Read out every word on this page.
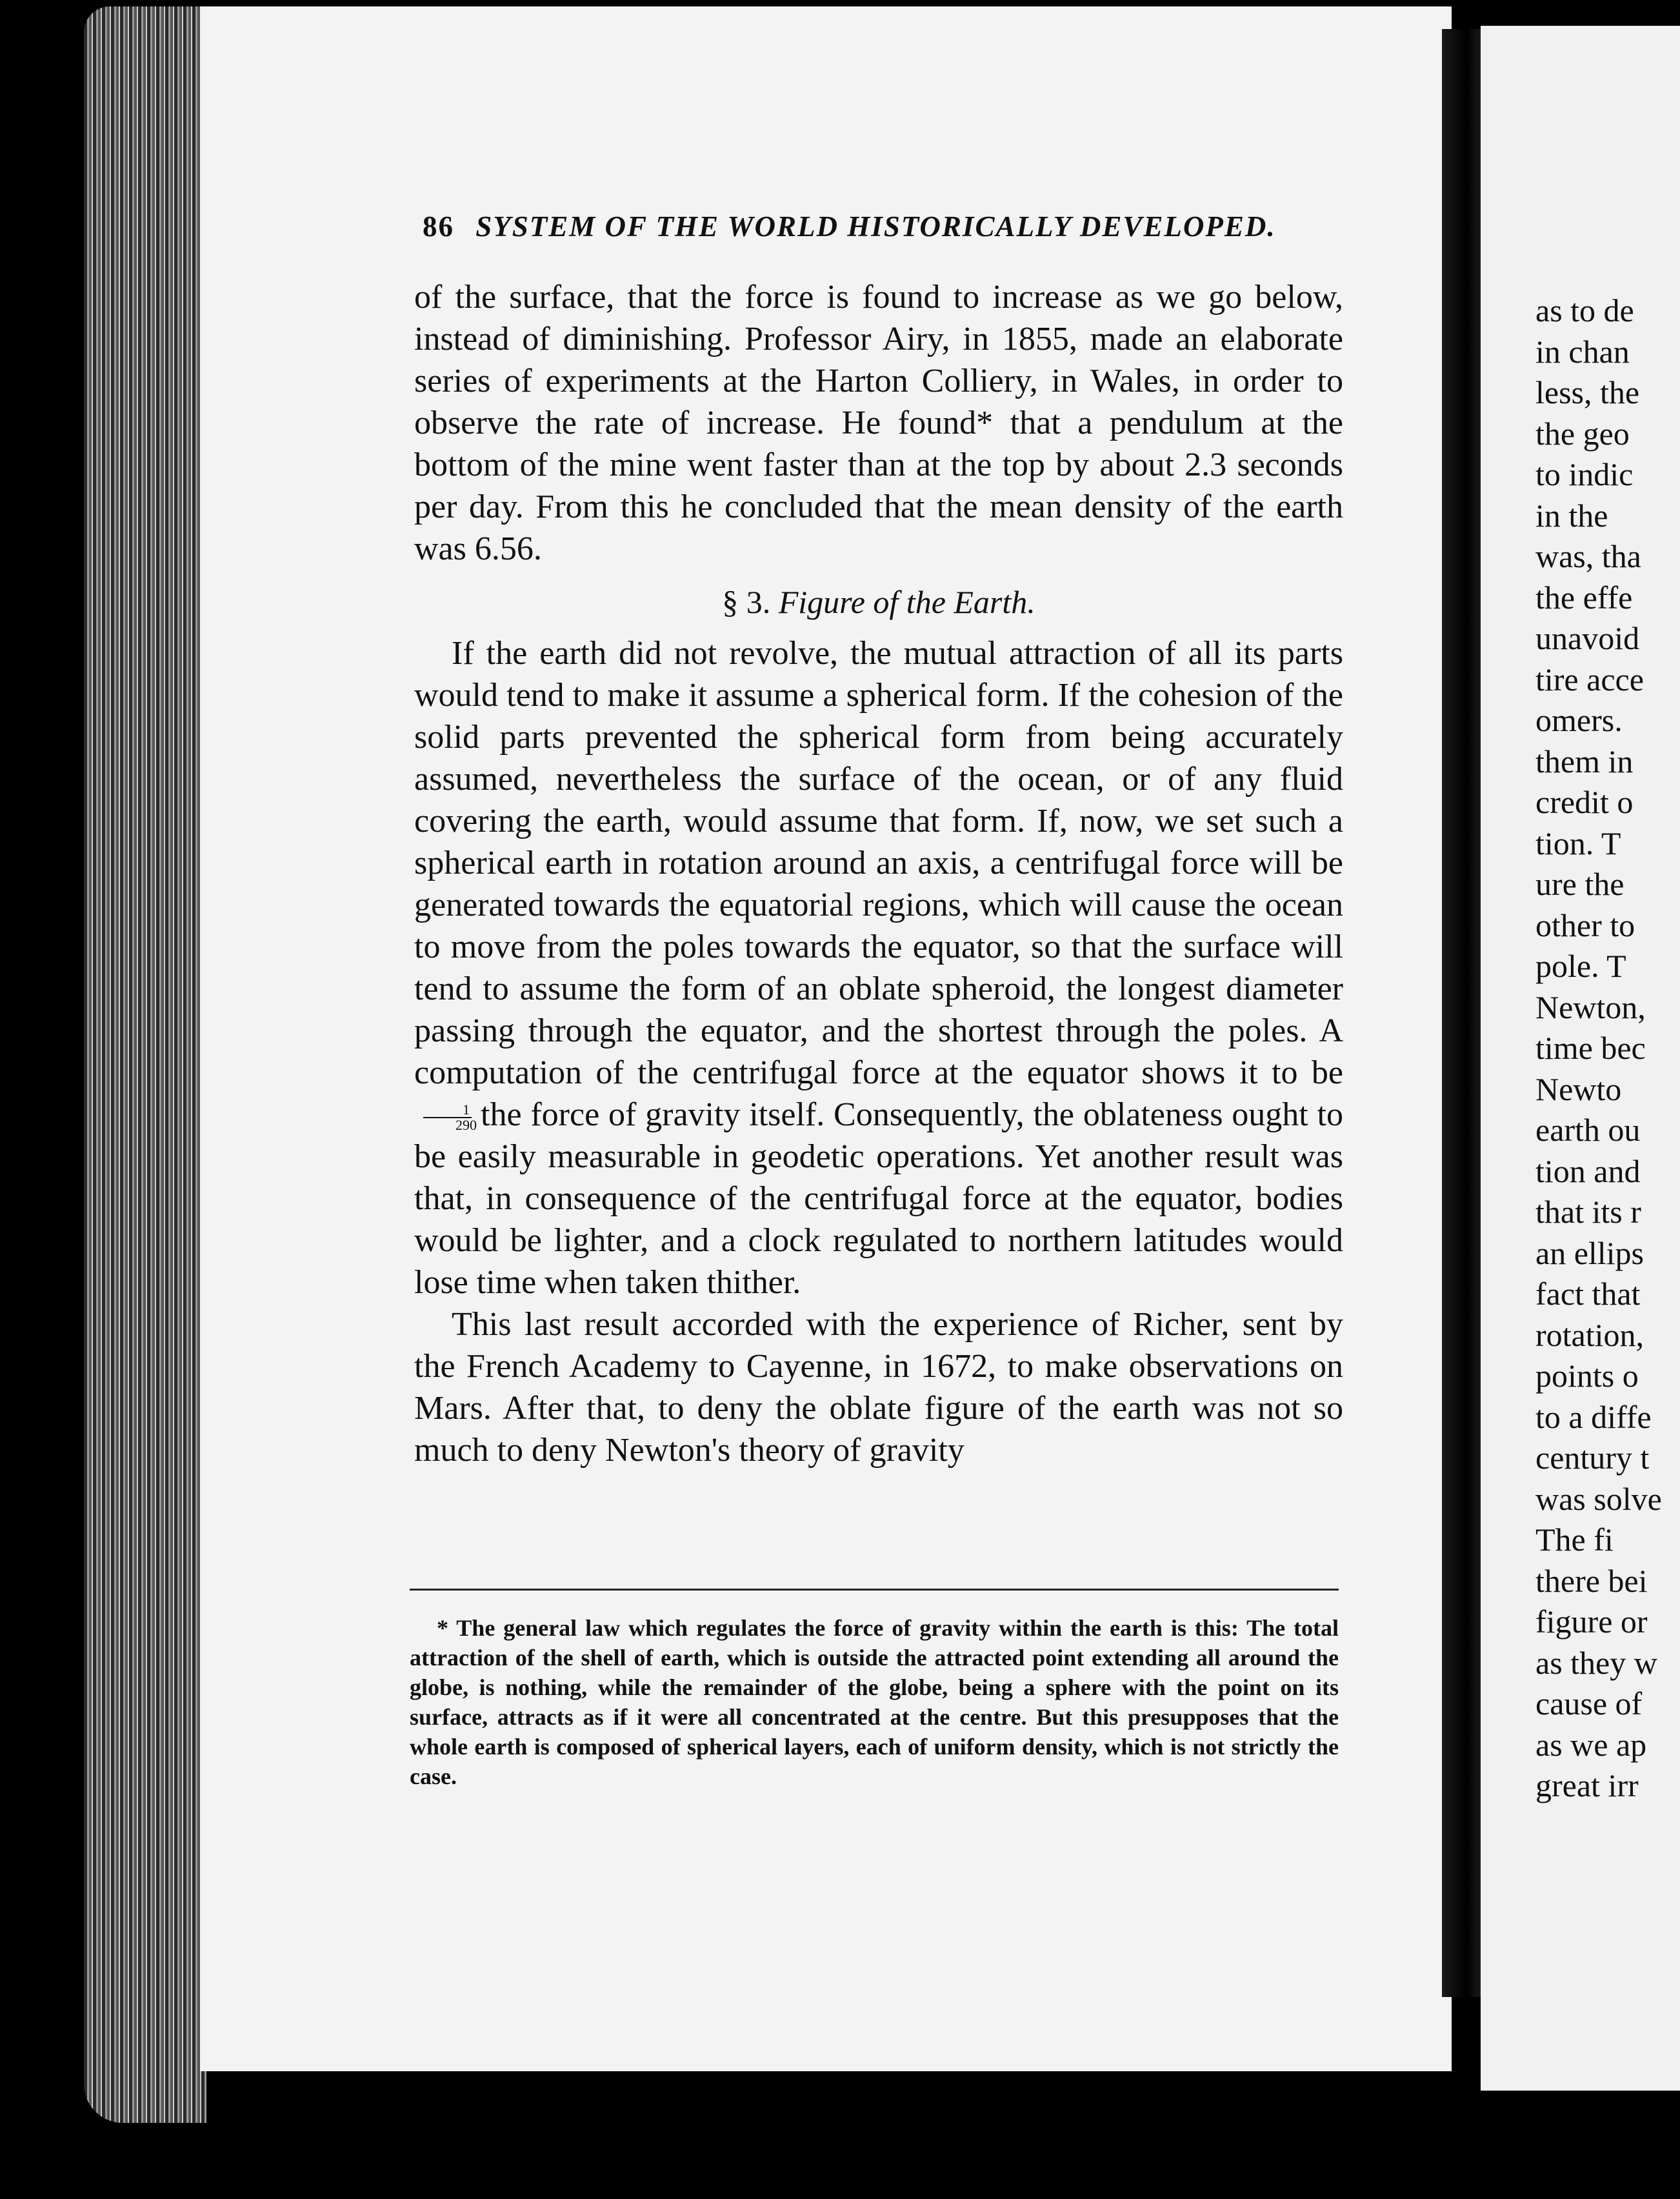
as to de
in chan
less, the
the geo
to indic
in the
was, tha
the effe
unavoid
tire acce
omers.
them in
credit o
tion. T
ure the
other to
pole. T
Newton,
time bec
Newto
earth ou
tion and
that its r
an ellips
fact that
rotation,
points o
to a diffe
century t
was solve
The fi
there bei
figure or
as they w
cause of
as we ap
great irr
86 SYSTEM OF THE WORLD HISTORICALLY DEVELOPED.

of the surface, that the force is found to increase as we go below, instead of diminishing. Professor Airy, in 1855, made an elaborate series of experiments at the Harton Colliery, in Wales, in order to observe the rate of increase. He found* that a pendulum at the bottom of the mine went faster than at the top by about 2.3 seconds per day. From this he concluded that the mean density of the earth was 6.56.

§ 3. Figure of the Earth.

If the earth did not revolve, the mutual attraction of all its parts would tend to make it assume a spherical form. If the cohesion of the solid parts prevented the spherical form from being accurately assumed, nevertheless the surface of the ocean, or of any fluid covering the earth, would assume that form. If, now, we set such a spherical earth in rotation around an axis, a centrifugal force will be generated towards the equatorial regions, which will cause the ocean to move from the poles towards the equator, so that the surface will tend to assume the form of an oblate spheroid, the longest diameter passing through the equator, and the shortest through the poles. A computation of the centrifugal force at the equator shows it to be
$\frac{1}{290}$ the force of gravity itself. Consequently, the oblateness ought to be easily measurable in geodetic operations. Yet another result was that, in consequence of the centrifugal force at the equator, bodies would be lighter, and a clock regulated to northern latitudes would lose time when taken thither.

This last result accorded with the experience of Richer, sent by the French Academy to Cayenne, in 1672, to make observations on Mars. After that, to deny the oblate figure of the earth was not so much to deny Newton's theory of gravity

* The general law which regulates the force of gravity within the earth is this: The total attraction of the shell of earth, which is outside the attracted point extending all around the globe, is nothing, while the remainder of the globe, being a sphere with the point on its surface, attracts as if it were all concentrated at the centre. But this presupposes that the whole earth is composed of spherical layers, each of uniform density, which is not strictly the case.
